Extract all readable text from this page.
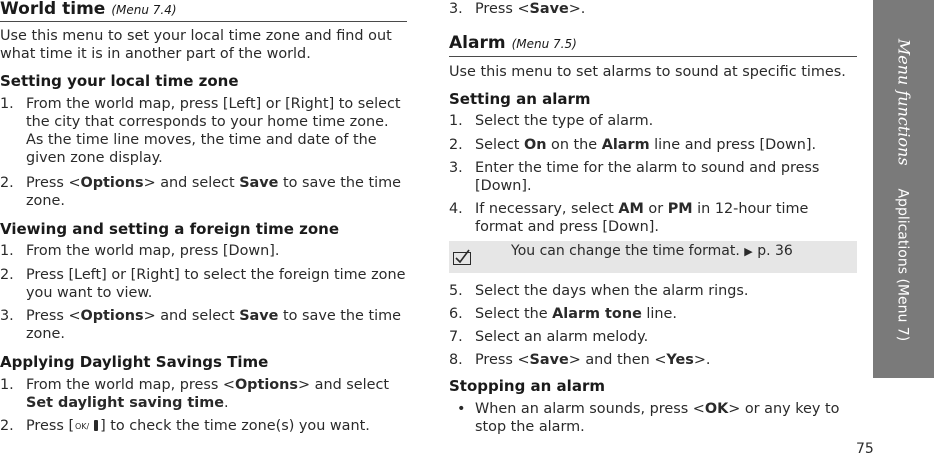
World time (Menu 7.4)
Use this menu to set your local time zone and find out what time it is in another part of the world.
Setting your local time zone
1. From the world map, press [Left] or [Right] to select the city that corresponds to your home time zone. As the time line moves, the time and date of the given zone display.
2. Press <Options> and select Save to save the time zone.
Viewing and setting a foreign time zone
1. From the world map, press [Down].
2. Press [Left] or [Right] to select the foreign time zone you want to view.
3. Press <Options> and select Save to save the time zone.
Applying Daylight Savings Time
1. From the world map, press <Options> and select Set daylight saving time.
2. Press [ OK/ ] to check the time zone(s) you want.
3. Press <Save>.
Alarm (Menu 7.5)
Use this menu to set alarms to sound at specific times.
Setting an alarm
1. Select the type of alarm.
2. Select On on the Alarm line and press [Down].
3. Enter the time for the alarm to sound and press [Down].
4. If necessary, select AM or PM in 12-hour time format and press [Down].
You can change the time format. ▶ p. 36
5. Select the days when the alarm rings.
6. Select the Alarm tone line.
7. Select an alarm melody.
8. Press <Save> and then <Yes>.
Stopping an alarm
• When an alarm sounds, press <OK> or any key to stop the alarm.
Menu functions  Applications (Menu 7)
75
